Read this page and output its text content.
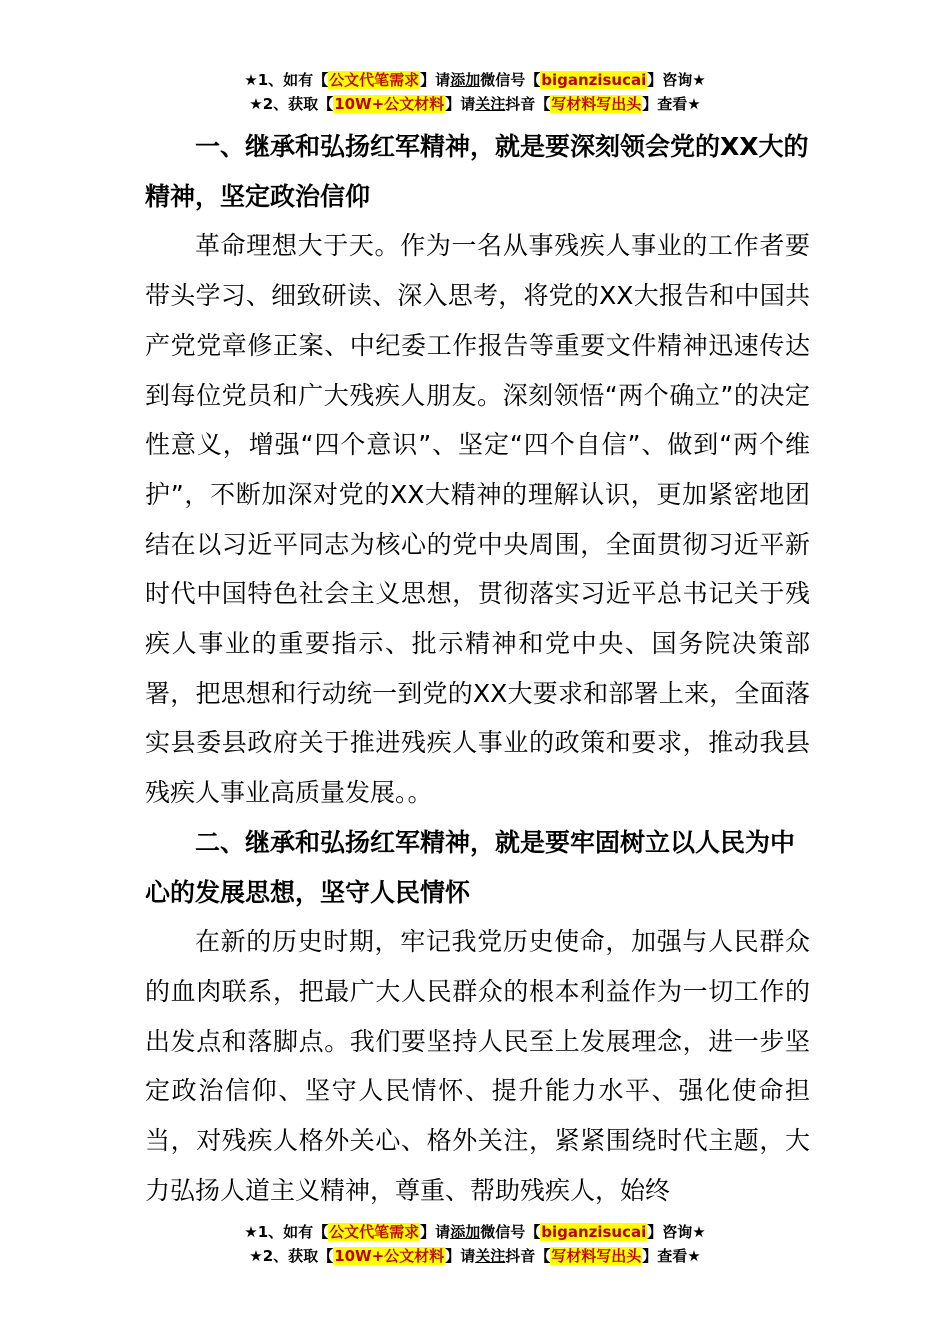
★1、如有【公文代笔需求】请添加微信号【biganzisucai】咨询★
★2、获取【10W+公文材料】请关注抖音【写材料写出头】查看★
一、继承和弘扬红军精神，就是要深刻领会党的XX大的精神，坚定政治信仰

革命理想大于天。作为一名从事残疾人事业的工作者要带头学习、细致研读、深入思考，将党的XX大报告和中国共产党党章修正案、中纪委工作报告等重要文件精神迅速传达到每位党员和广大残疾人朋友。深刻领悟“两个确立”的决定性意义，增强“四个意识”、坚定“四个自信”、做到“两个维护”，不断加深对党的XX大精神的理解认识，更加紧密地团结在以习近平同志为核心的党中央周围，全面贯彻习近平新时代中国特色社会主义思想，贯彻落实习近平总书记关于残疾人事业的重要指示、批示精神和党中央、国务院决策部署，把思想和行动统一到党的XX大要求和部署上来，全面落实县委县政府关于推进残疾人事业的政策和要求，推动我县残疾人事业高质量发展。。

二、继承和弘扬红军精神，就是要牢固树立以人民为中心的发展思想，坚守人民情怀

在新的历史时期，牢记我党历史使命，加强与人民群众的血肉联系，把最广大人民群众的根本利益作为一切工作的出发点和落脚点。我们要坚持人民至上发展理念，进一步坚定政治信仰、坚守人民情怀、提升能力水平、强化使命担当，对残疾人格外关心、格外关注，紧紧围绕时代主题，大力弘扬人道主义精神，尊重、帮助残疾人，始终

★1、如有【公文代笔需求】请添加微信号【biganzisucai】咨询★
★2、获取【10W+公文材料】请关注抖音【写材料写出头】查看★
